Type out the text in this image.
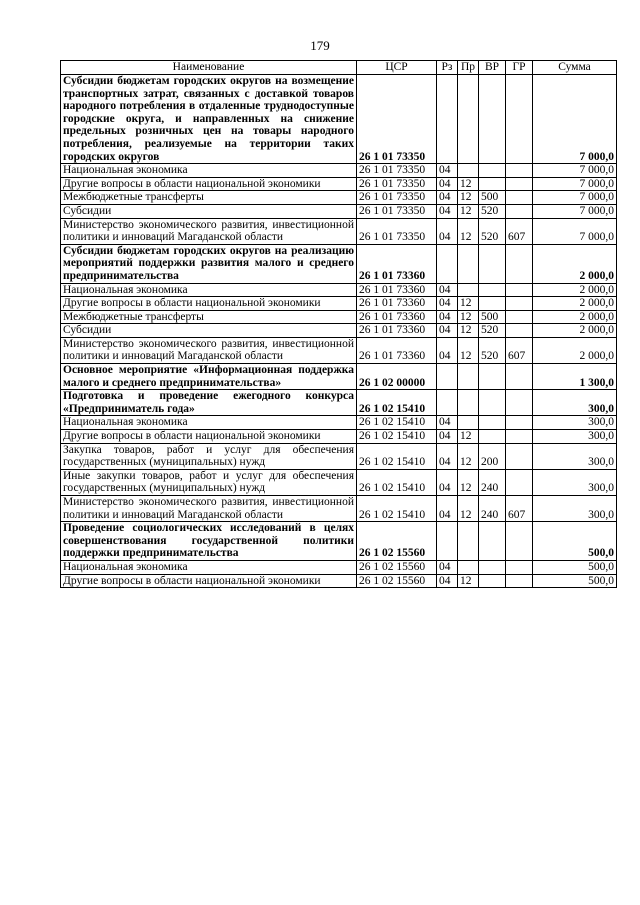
179
Наименование	ЦСР	Рз	Пр	ВР	ГР	Сумма
Субсидии бюджетам городских округов на возмещение транспортных затрат, связанных с доставкой товаров народного потребления в отдаленные труднодоступные городские округа, и направленных на снижение предельных розничных цен на товары народного потребления, реализуемые на территории таких городских округов	26 1 01 73350					7 000,0
Национальная экономика	26 1 01 73350	04				7 000,0
Другие вопросы в области национальной экономики	26 1 01 73350	04	12			7 000,0
Межбюджетные трансферты	26 1 01 73350	04	12	500		7 000,0
Субсидии	26 1 01 73350	04	12	520		7 000,0
Министерство экономического развития, инвестиционной политики и инноваций Магаданской области	26 1 01 73350	04	12	520	607	7 000,0
Субсидии бюджетам городских округов на реализацию мероприятий поддержки развития малого и среднего предпринимательства	26 1 01 73360					2 000,0
Национальная экономика	26 1 01 73360	04				2 000,0
Другие вопросы в области национальной экономики	26 1 01 73360	04	12			2 000,0
Межбюджетные трансферты	26 1 01 73360	04	12	500		2 000,0
Субсидии	26 1 01 73360	04	12	520		2 000,0
Министерство экономического развития, инвестиционной политики и инноваций Магаданской области	26 1 01 73360	04	12	520	607	2 000,0
Основное мероприятие «Информационная поддержка малого и среднего предпринимательства»	26 1 02 00000					1 300,0
Подготовка и проведение ежегодного конкурса «Предприниматель года»	26 1 02 15410					300,0
Национальная экономика	26 1 02 15410	04				300,0
Другие вопросы в области национальной экономики	26 1 02 15410	04	12			300,0
Закупка товаров, работ и услуг для обеспечения государственных (муниципальных) нужд	26 1 02 15410	04	12	200		300,0
Иные закупки товаров, работ и услуг для обеспечения государственных (муниципальных) нужд	26 1 02 15410	04	12	240		300,0
Министерство экономического развития, инвестиционной политики и инноваций Магаданской области	26 1 02 15410	04	12	240	607	300,0
Проведение социологических исследований в целях совершенствования государственной политики поддержки предпринимательства	26 1 02 15560					500,0
Национальная экономика	26 1 02 15560	04				500,0
Другие вопросы в области национальной экономики	26 1 02 15560	04	12			500,0
